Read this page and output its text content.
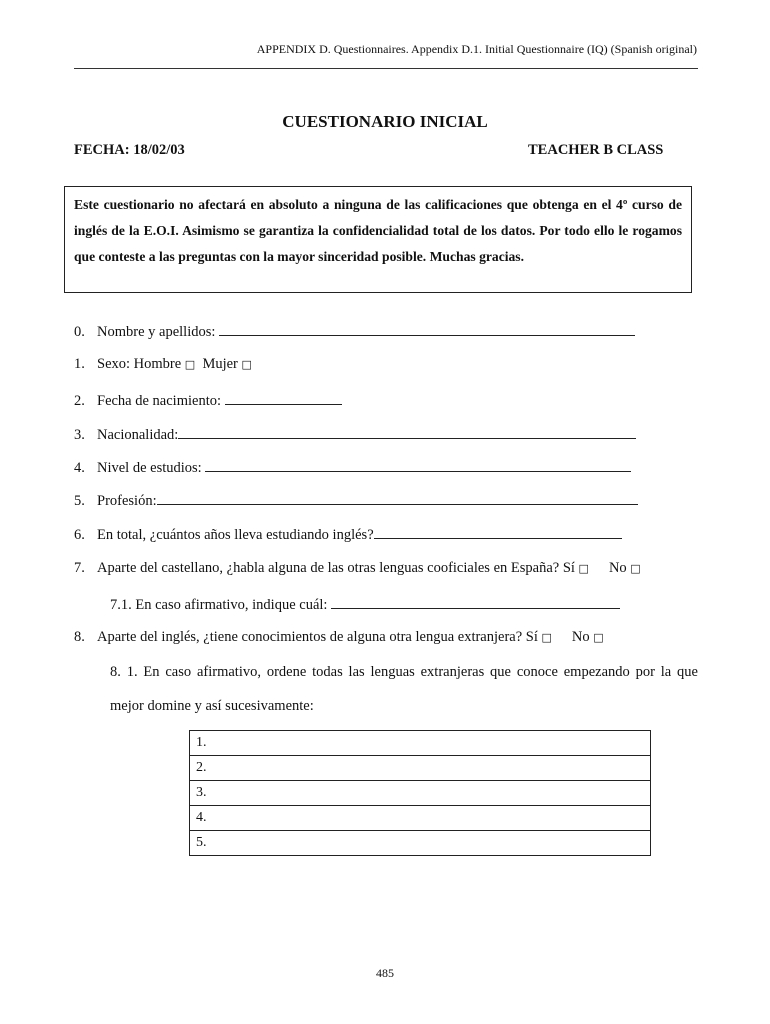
APPENDIX D. Questionnaires. Appendix D.1. Initial Questionnaire (IQ) (Spanish original)
CUESTIONARIO INICIAL
FECHA: 18/02/03	TEACHER B CLASS
Este cuestionario no afectará en absoluto a ninguna de las calificaciones que obtenga en el 4º curso de inglés de la E.O.I. Asimismo se garantiza la confidencialidad total de los datos. Por todo ello le rogamos que conteste a las preguntas con la mayor sinceridad posible. Muchas gracias.
0. Nombre y apellidos:
1. Sexo: Hombre □  Mujer □
2. Fecha de nacimiento:
3. Nacionalidad:
4. Nivel de estudios:
5. Profesión:
6. En total, ¿cuántos años lleva estudiando inglés?
7. Aparte del castellano, ¿habla alguna de las otras lenguas cooficiales en España? Sí □ No □
7.1. En caso afirmativo, indique cuál:
8. Aparte del inglés, ¿tiene conocimientos de alguna otra lengua extranjera? Sí □ No □
8. 1. En caso afirmativo, ordene todas las lenguas extranjeras que conoce empezando por la que mejor domine y así sucesivamente:
1.
2.
3.
4.
5.
485
